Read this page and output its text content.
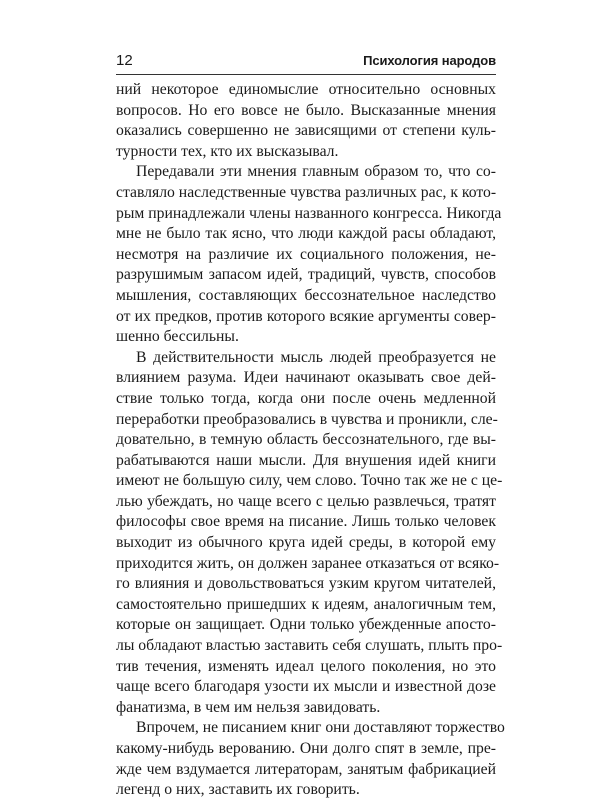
12	Психология народов

ний некоторое единомыслие относительно основных
вопросов. Но его вовсе не было. Высказанные мнения
оказались совершенно не зависящими от степени куль-
турности тех, кто их высказывал.

Передавали эти мнения главным образом то, что со-
ставляло наследственные чувства различных рас, к кото-
рым принадлежали члены названного конгресса. Никогда
мне не было так ясно, что люди каждой расы обладают,
несмотря на различие их социального положения, не-
разрушимым запасом идей, традиций, чувств, способов
мышления, составляющих бессознательное наследство
от их предков, против которого всякие аргументы совер-
шенно бессильны.

В действительности мысль людей преобразуется не
влиянием разума. Идеи начинают оказывать свое дей-
ствие только тогда, когда они после очень медленной
переработки преобразовались в чувства и проникли, сле-
довательно, в темную область бессознательного, где вы-
рабатываются наши мысли. Для внушения идей книги
имеют не большую силу, чем слово. Точно так же не с це-
лью убеждать, но чаще всего с целью развлечься, тратят
философы свое время на писание. Лишь только человек
выходит из обычного круга идей среды, в которой ему
приходится жить, он должен заранее отказаться от всяко-
го влияния и довольствоваться узким кругом читателей,
самостоятельно пришедших к идеям, аналогичным тем,
которые он защищает. Одни только убежденные апосто-
лы обладают властью заставить себя слушать, плыть про-
тив течения, изменять идеал целого поколения, но это
чаще всего благодаря узости их мысли и известной дозе
фанатизма, в чем им нельзя завидовать.

Впрочем, не писанием книг они доставляют торжество
какому-нибудь верованию. Они долго спят в земле, пре-
жде чем вздумается литераторам, занятым фабрикацией
легенд о них, заставить их говорить.
